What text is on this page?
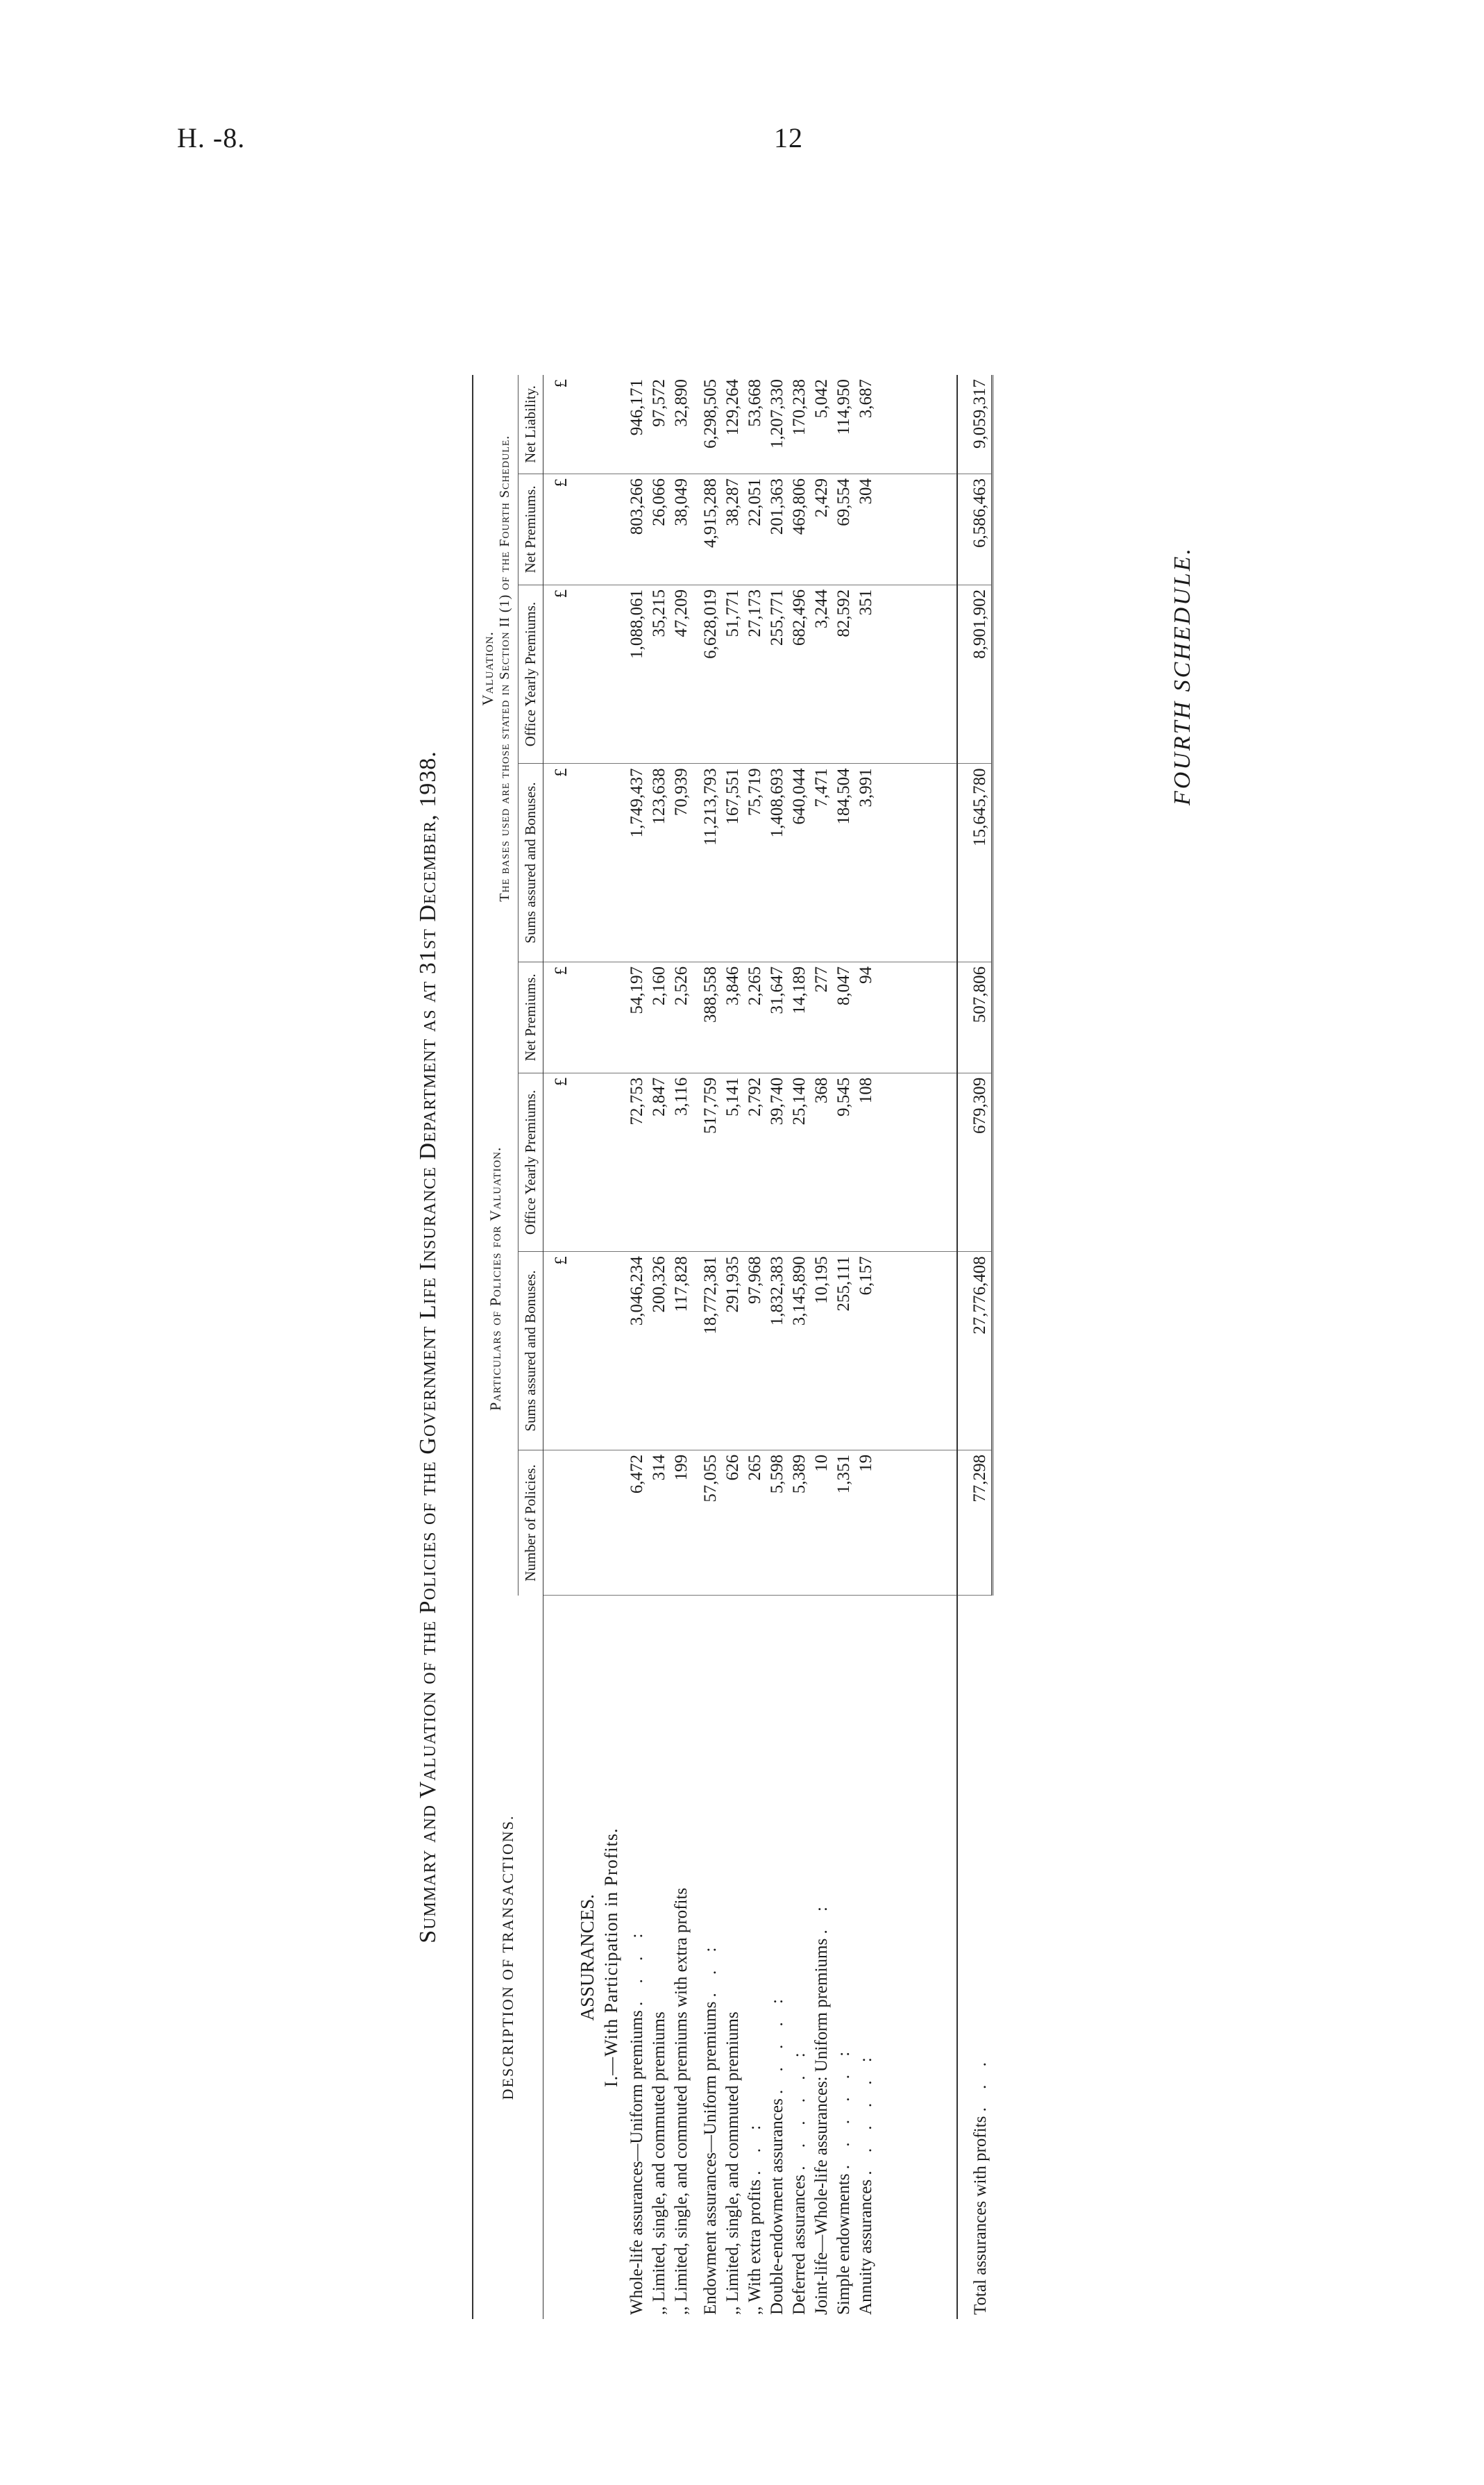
H. -8.	12
FOURTH SCHEDULE.
Summary and Valuation of the Policies of the Government Life Insurance Department as at 31st December, 1938.
DESCRIPTION OF TRANSACTIONS.	Particulars of Policies for Valuation.				Valuation. The bases used are those stated in Section II (1) of the Fourth Schedule.			

	Number of Policies.	Sums assured and Bonuses.	Office Yearly Premiums.	Net Premiums.	Sums assured and Bonuses.	Office Yearly Premiums.	Net Premiums.	Net Liability.
		£	£	£	£	£	£	£
ASSURANCES.								
I.—With Participation in Profits.								
Whole-life assurances—Uniform premiums . . . :	6,472	3,046,234	72,753	54,197	1,749,437	1,088,061	803,266	946,171
,, Limited, single, and commuted premiums	314	200,326	2,847	2,160	123,638	35,215	26,066	97,572
,, Limited, single, and commuted premiums with extra profits	199	117,828	3,116	2,526	70,939	47,209	38,049	32,890

Endowment assurances—Uniform premiums . . :	57,055	18,772,381	517,759	388,558	11,213,793	6,628,019	4,915,288	6,298,505
,, Limited, single, and commuted premiums	626	291,935	5,141	3,846	167,551	51,771	38,287	129,264
,, With extra profits . . :	265	97,968	2,792	2,265	75,719	27,173	22,051	53,668
Double-endowment assurances . . . . :	5,598	1,832,383	39,740	31,647	1,408,693	255,771	201,363	1,207,330
Deferred assurances . . . . . :	5,389	3,145,890	25,140	14,189	640,044	682,496	469,806	170,238
Joint-life—Whole-life assurances: Uniform premiums . :	10	10,195	368	277	7,471	3,244	2,429	5,042
Simple endowments . . . . . :	1,351	255,111	9,545	8,047	184,504	82,592	69,554	114,950
Annuity assurances . . . . . :	19	6,157	108	94	3,991	351	304	3,687

Total assurances with profits . . .	77,298	27,776,408	679,309	507,806	15,645,780	8,901,902	6,586,463	9,059,317
